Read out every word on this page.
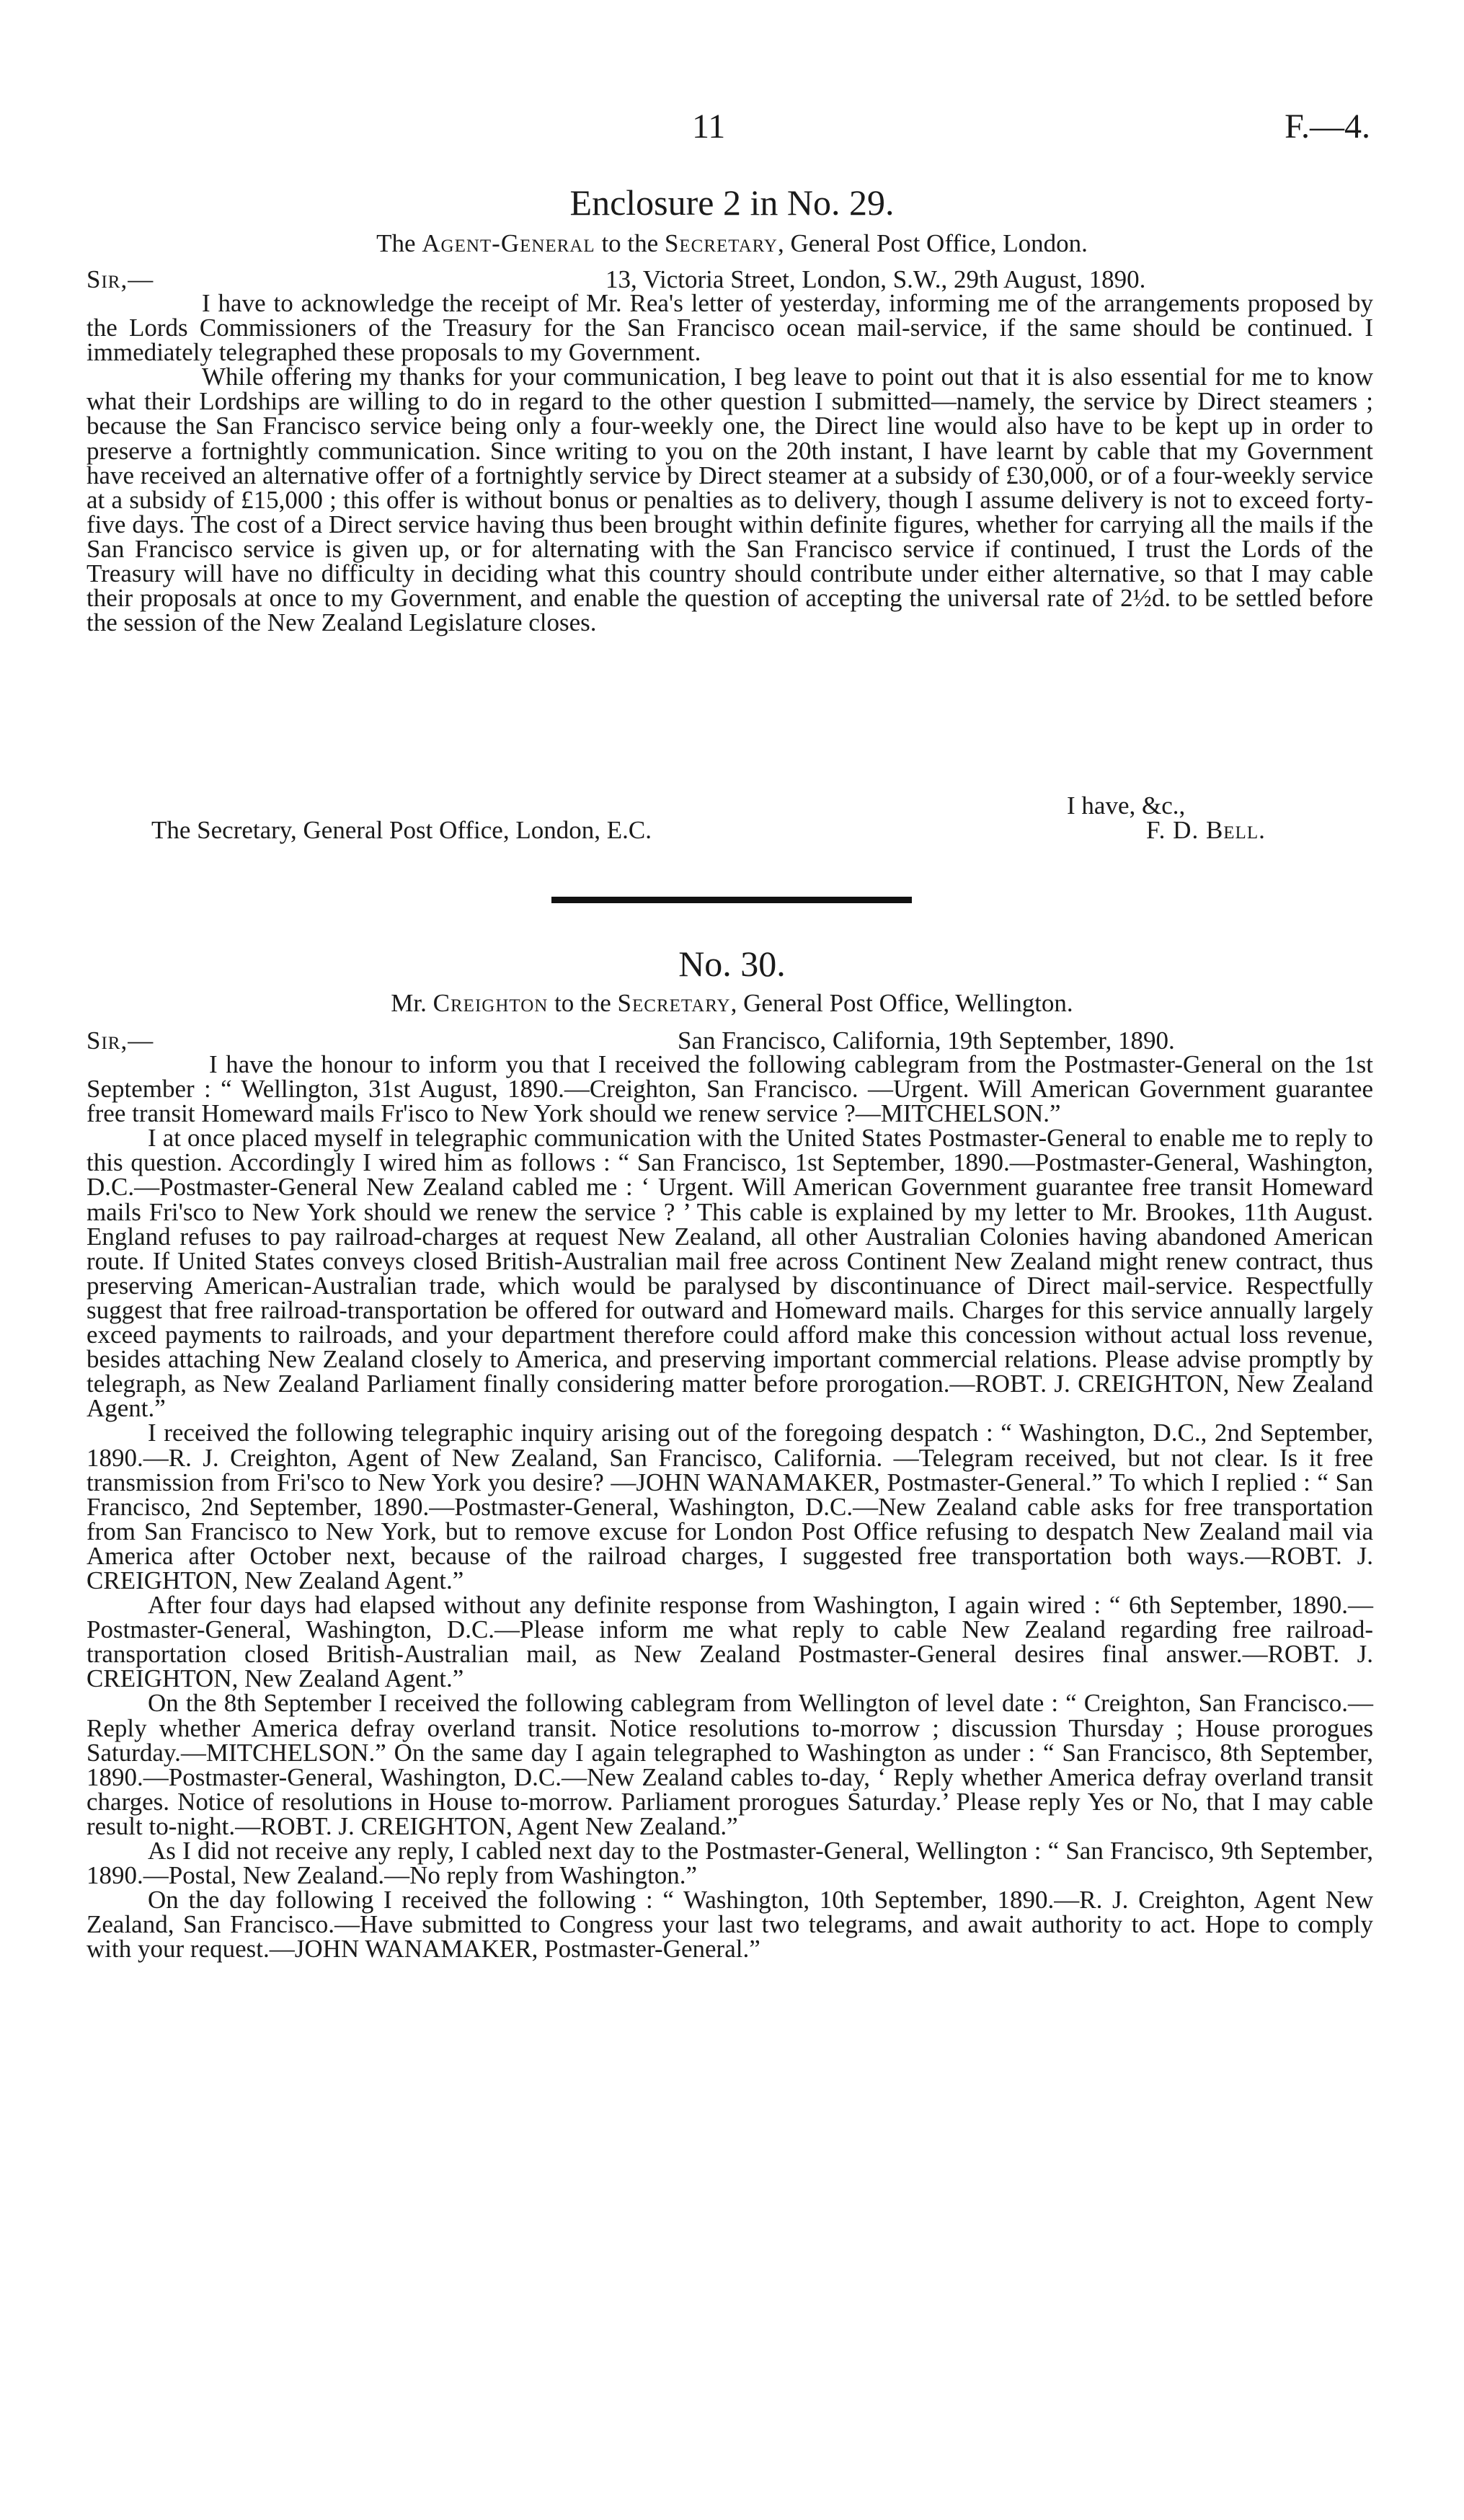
11	F.—4.
Enclosure 2 in No. 29.
The Agent-General to the Secretary, General Post Office, London.
Sir,—	13, Victoria Street, London, S.W., 29th August, 1890.

I have to acknowledge the receipt of Mr. Rea's letter of yesterday, informing me of the arrangements proposed by the Lords Commissioners of the Treasury for the San Francisco ocean mail-service, if the same should be continued. I immediately telegraphed these proposals to my Government.

While offering my thanks for your communication, I beg leave to point out that it is also essential for me to know what their Lordships are willing to do in regard to the other question I submitted—namely, the service by Direct steamers ; because the San Francisco service being only a four-weekly one, the Direct line would also have to be kept up in order to preserve a fortnightly communication. Since writing to you on the 20th instant, I have learnt by cable that my Government have received an alternative offer of a fortnightly service by Direct steamer at a subsidy of £30,000, or of a four-weekly service at a subsidy of £15,000 ; this offer is without bonus or penalties as to delivery, though I assume delivery is not to exceed forty-five days. The cost of a Direct service having thus been brought within definite figures, whether for carrying all the mails if the San Francisco service is given up, or for alternating with the San Francisco service if continued, I trust the Lords of the Treasury will have no difficulty in deciding what this country should contribute under either alternative, so that I may cable their proposals at once to my Government, and enable the question of accepting the universal rate of 2½d. to be settled before the session of the New Zealand Legislature closes.

I have, &c.,
The Secretary, General Post Office, London, E.C.	F. D. Bell.
No. 30.
Mr. Creighton to the Secretary, General Post Office, Wellington.
Sir,—	San Francisco, California, 19th September, 1890.

I have the honour to inform you that I received the following cablegram from the Postmaster-General on the 1st September : “ Wellington, 31st August, 1890.—Creighton, San Francisco. —Urgent. Will American Government guarantee free transit Homeward mails Fr'isco to New York should we renew service ?—MITCHELSON.”

I at once placed myself in telegraphic communication with the United States Postmaster-General to enable me to reply to this question. Accordingly I wired him as follows : “ San Francisco, 1st September, 1890.—Postmaster-General, Washington, D.C.—Postmaster-General New Zealand cabled me : ‘ Urgent. Will American Government guarantee free transit Homeward mails Fri'sco to New York should we renew the service ? ’ This cable is explained by my letter to Mr. Brookes, 11th August. England refuses to pay railroad-charges at request New Zealand, all other Australian Colonies having abandoned American route. If United States conveys closed British-Australian mail free across Continent New Zealand might renew contract, thus preserving American-Australian trade, which would be paralysed by discontinuance of Direct mail-service. Respectfully suggest that free railroad-transportation be offered for outward and Homeward mails. Charges for this service annually largely exceed payments to railroads, and your department therefore could afford make this concession without actual loss revenue, besides attaching New Zealand closely to America, and preserving important commercial relations. Please advise promptly by telegraph, as New Zealand Parliament finally considering matter before prorogation.—ROBT. J. CREIGHTON, New Zealand Agent.”

I received the following telegraphic inquiry arising out of the foregoing despatch : “ Washington, D.C., 2nd September, 1890.—R. J. Creighton, Agent of New Zealand, San Francisco, California. —Telegram received, but not clear. Is it free transmission from Fri'sco to New York you desire? —JOHN WANAMAKER, Postmaster-General.” To which I replied : “ San Francisco, 2nd September, 1890.—Postmaster-General, Washington, D.C.—New Zealand cable asks for free transportation from San Francisco to New York, but to remove excuse for London Post Office refusing to despatch New Zealand mail via America after October next, because of the railroad charges, I suggested free transportation both ways.—ROBT. J. CREIGHTON, New Zealand Agent.”

After four days had elapsed without any definite response from Washington, I again wired : “ 6th September, 1890.—Postmaster-General, Washington, D.C.—Please inform me what reply to cable New Zealand regarding free railroad-transportation closed British-Australian mail, as New Zealand Postmaster-General desires final answer.—ROBT. J. CREIGHTON, New Zealand Agent.”

On the 8th September I received the following cablegram from Wellington of level date : “ Creighton, San Francisco.—Reply whether America defray overland transit. Notice resolutions to-morrow ; discussion Thursday ; House prorogues Saturday.—MITCHELSON.” On the same day I again telegraphed to Washington as under : “ San Francisco, 8th September, 1890.—Postmaster-General, Washington, D.C.—New Zealand cables to-day, ‘ Reply whether America defray overland transit charges. Notice of resolutions in House to-morrow. Parliament prorogues Saturday.’ Please reply Yes or No, that I may cable result to-night.—ROBT. J. CREIGHTON, Agent New Zealand.”

As I did not receive any reply, I cabled next day to the Postmaster-General, Wellington : “ San Francisco, 9th September, 1890.—Postal, New Zealand.—No reply from Washington.”

On the day following I received the following : “ Washington, 10th September, 1890.—R. J. Creighton, Agent New Zealand, San Francisco.—Have submitted to Congress your last two telegrams, and await authority to act. Hope to comply with your request.—JOHN WANAMAKER, Postmaster-General.”
